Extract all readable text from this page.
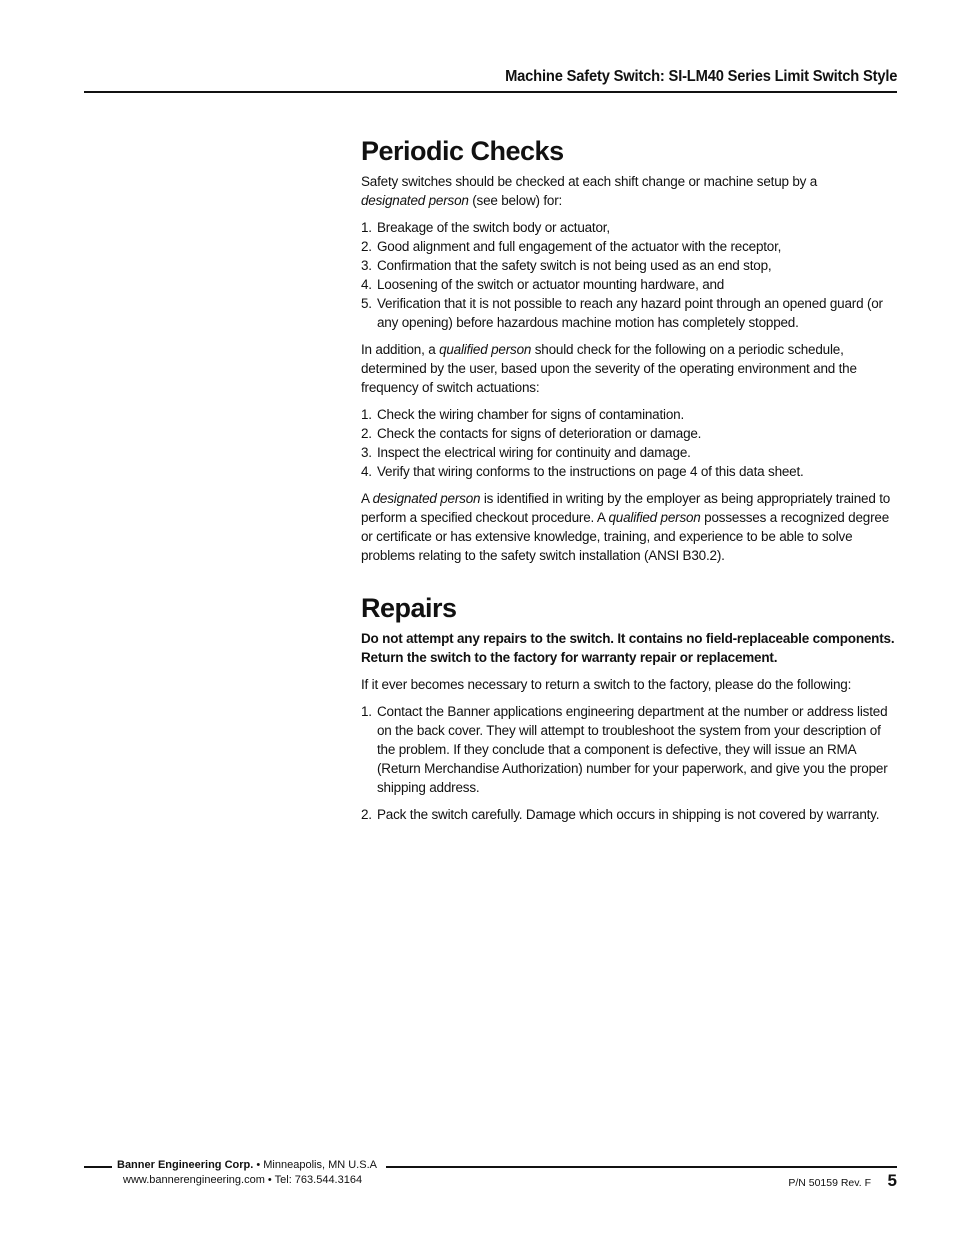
Machine Safety Switch: SI-LM40 Series Limit Switch Style
Periodic Checks

Safety switches should be checked at each shift change or machine setup by a
designated person (see below) for:

1. Breakage of the switch body or actuator,
2. Good alignment and full engagement of the actuator with the receptor,
3. Confirmation that the safety switch is not being used as an end stop,
4. Loosening of the switch or actuator mounting hardware, and
5. Verification that it is not possible to reach any hazard point through an opened guard (or any opening) before hazardous machine motion has completely stopped.

In addition, a qualified person should check for the following on a periodic schedule, determined by the user, based upon the severity of the operating environment and the frequency of switch actuations:

1. Check the wiring chamber for signs of contamination.
2. Check the contacts for signs of deterioration or damage.
3. Inspect the electrical wiring for continuity and damage.
4. Verify that wiring conforms to the instructions on page 4 of this data sheet.

A designated person is identified in writing by the employer as being appropriately trained to perform a specified checkout procedure. A qualified person possesses a recognized degree or certificate or has extensive knowledge, training, and experience to be able to solve problems relating to the safety switch installation (ANSI B30.2).

Repairs

Do not attempt any repairs to the switch. It contains no field-replaceable components. Return the switch to the factory for warranty repair or replacement.

If it ever becomes necessary to return a switch to the factory, please do the following:

1. Contact the Banner applications engineering department at the number or address listed on the back cover. They will attempt to troubleshoot the system from your description of the problem. If they conclude that a component is defective, they will issue an RMA (Return Merchandise Authorization) number for your paperwork, and give you the proper shipping address.
2. Pack the switch carefully. Damage which occurs in shipping is not covered by warranty.
Banner Engineering Corp. • Minneapolis, MN U.S.A
www.bannerengineering.com • Tel: 763.544.3164	P/N 50159 Rev. F 5
